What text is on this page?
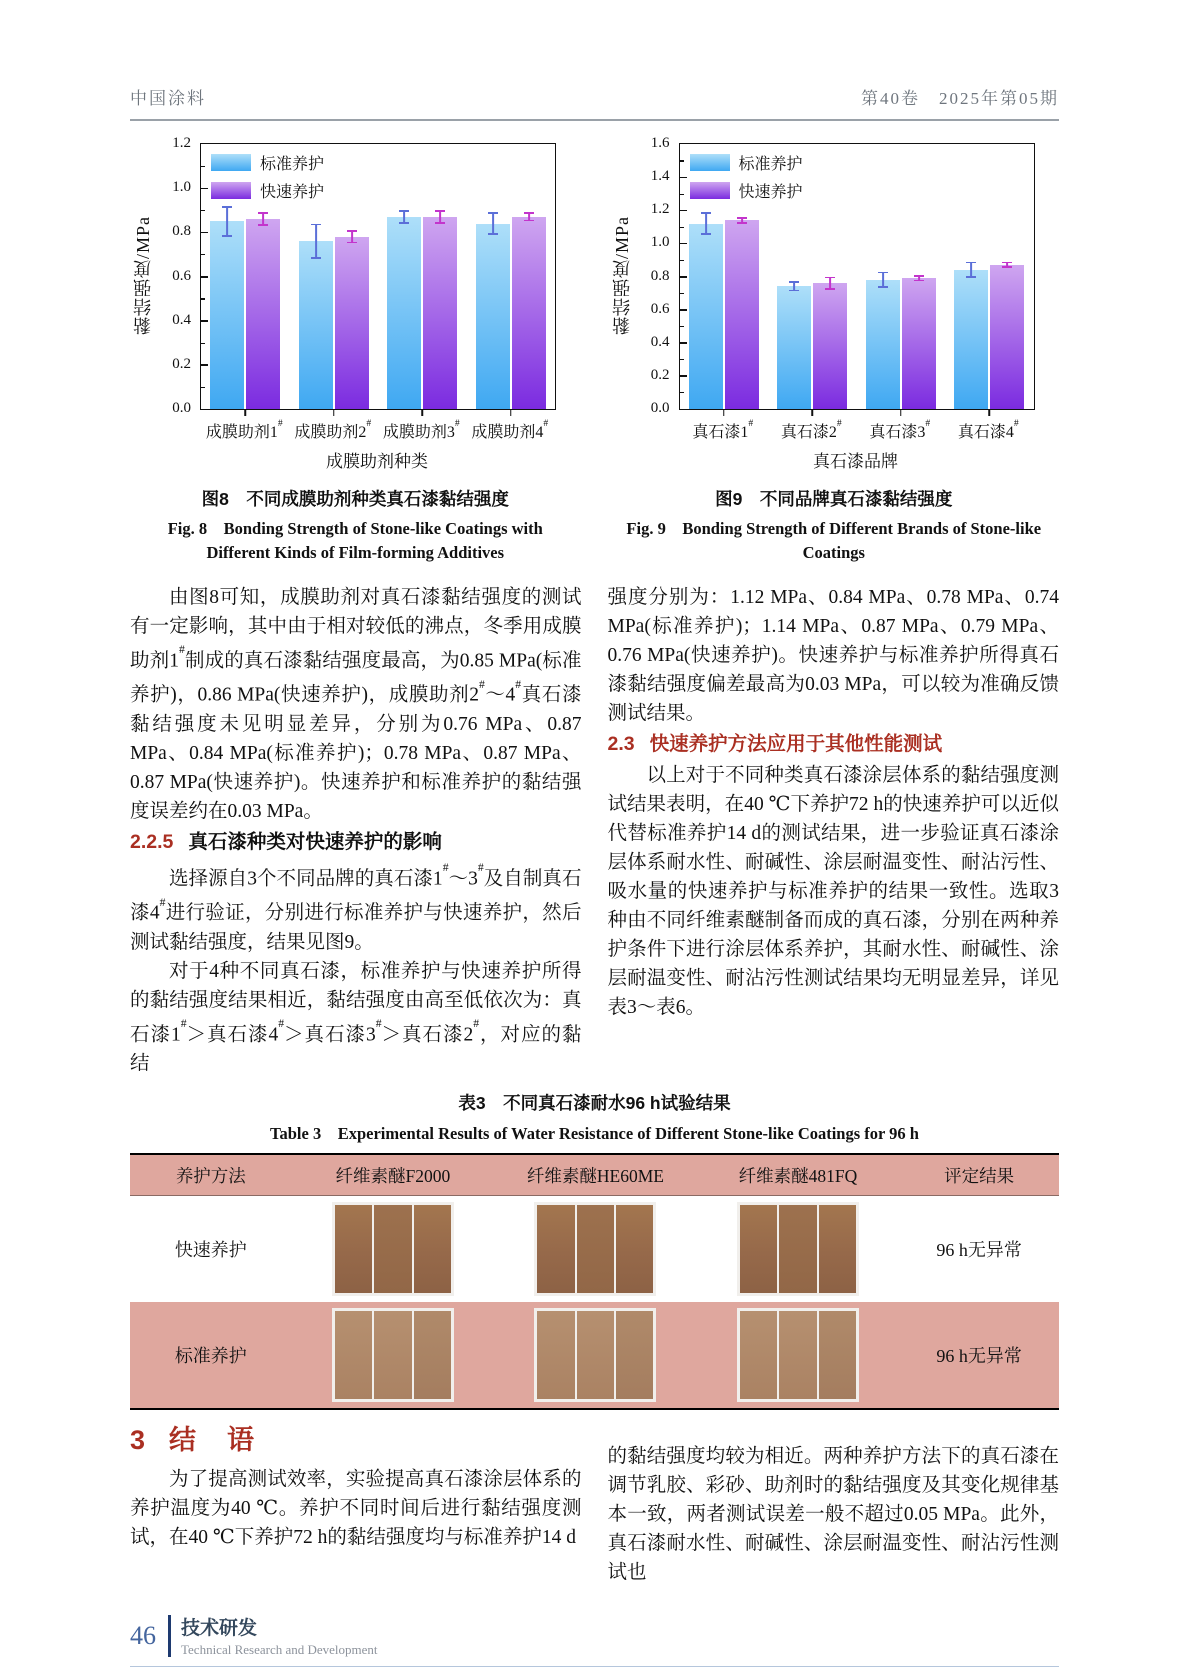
中国涂料	第40卷　2025年第05期
黏结强度/MPa
0.0
0.2
0.4
0.6
0.8
1.0
1.2
标准养护
快速养护
成膜助剂1#
成膜助剂2#
成膜助剂3#
成膜助剂4#
成膜助剂种类
图8　不同成膜助剂种类真石漆黏结强度
Fig. 8　Bonding Strength of Stone-like Coatings with Different Kinds of Film-forming Additives
黏结强度/MPa
0.0
0.2
0.4
0.6
0.8
1.0
1.2
1.4
1.6
标准养护
快速养护
真石漆1#
真石漆2#
真石漆3#
真石漆4#
真石漆品牌
图9　不同品牌真石漆黏结强度
Fig. 9　Bonding Strength of Different Brands of Stone-like Coatings

由图8可知，成膜助剂对真石漆黏结强度的测试有一定影响，其中由于相对较低的沸点，冬季用成膜助剂1#制成的真石漆黏结强度最高，为0.85 MPa(标准养护)，0.86 MPa(快速养护)，成膜助剂2#～4#真石漆黏结强度未见明显差异，分别为0.76 MPa、0.87 MPa、0.84 MPa(标准养护)；0.78 MPa、0.87 MPa、0.87 MPa(快速养护)。快速养护和标准养护的黏结强度误差约在0.03 MPa。

2.2.5 真石漆种类对快速养护的影响

选择源自3个不同品牌的真石漆1#～3#及自制真石漆4#进行验证，分别进行标准养护与快速养护，然后测试黏结强度，结果见图9。

对于4种不同真石漆，标准养护与快速养护所得的黏结强度结果相近，黏结强度由高至低依次为：真石漆1#＞真石漆4#＞真石漆3#＞真石漆2#，对应的黏结

强度分别为：1.12 MPa、0.84 MPa、0.78 MPa、0.74 MPa(标准养护)；1.14 MPa、0.87 MPa、0.79 MPa、0.76 MPa(快速养护)。快速养护与标准养护所得真石漆黏结强度偏差最高为0.03 MPa，可以较为准确反馈测试结果。

2.3 快速养护方法应用于其他性能测试

以上对于不同种类真石漆涂层体系的黏结强度测试结果表明，在40 ℃下养护72 h的快速养护可以近似代替标准养护14 d的测试结果，进一步验证真石漆涂层体系耐水性、耐碱性、涂层耐温变性、耐沾污性、吸水量的快速养护与标准养护的结果一致性。选取3种由不同纤维素醚制备而成的真石漆，分别在两种养护条件下进行涂层体系养护，其耐水性、耐碱性、涂层耐温变性、耐沾污性测试结果均无明显差异，详见表3～表6。

表3　不同真石漆耐水96 h试验结果
Table 3　Experimental Results of Water Resistance of Different Stone-like Coatings for 96 h
养护方法	纤维素醚F2000	纤维素醚HE60ME	纤维素醚481FQ	评定结果
快速养护				96 h无异常
标准养护				96 h无异常
3 结　语

为了提高测试效率，实验提高真石漆涂层体系的养护温度为40 ℃。养护不同时间后进行黏结强度测试，在40 ℃下养护72 h的黏结强度均与标准养护14 d

的黏结强度均较为相近。两种养护方法下的真石漆在调节乳胶、彩砂、助剂时的黏结强度及其变化规律基本一致，两者测试误差一般不超过0.05 MPa。此外，真石漆耐水性、耐碱性、涂层耐温变性、耐沾污性测试也

46 技术研发
Technical Research and Development
